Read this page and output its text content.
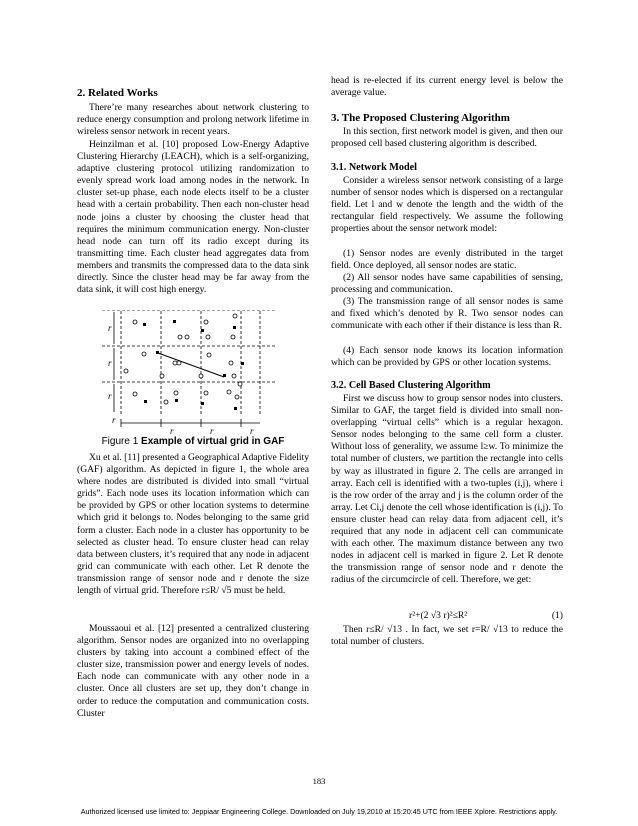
2. Related Works

There’re many researches about network clustering to reduce energy consumption and prolong network lifetime in wireless sensor network in recent years.

Heinzilman et al. [10] proposed Low-Energy Adaptive Clustering Hierarchy (LEACH), which is a self-organizing, adaptive clustering protocol utilizing randomization to evenly spread work load among nodes in the network. In cluster set-up phase, each node elects itself to be a cluster head with a certain probability. Then each non-cluster head node joins a cluster by choosing the cluster head that requires the minimum communication energy. Non-cluster head node can turn off its radio except during its transmitting time. Each cluster head aggregates data from members and transmits the compressed data to the data sink directly. Since the cluster head may be far away from the data sink, it will cost high energy.

r
r
r
r
r	r	r
Figure 1 Example of virtual grid in GAF

Xu et al. [11] presented a Geographical Adaptive Fidelity (GAF) algorithm. As depicted in figure 1, the whole area where nodes are distributed is divided into small “virtual grids”. Each node uses its location information which can be provided by GPS or other location systems to determine which grid it belongs to. Nodes belonging to the same grid form a cluster. Each node in a cluster has opportunity to be selected as cluster head. To ensure cluster head can relay data between clusters, it’s required that any node in adjacent grid can communicate with each other. Let R denote the transmission range of sensor node and r denote the size length of virtual grid. Therefore r≤R/ √5 must be held.

Moussaoui et al. [12] presented a centralized clustering algorithm. Sensor nodes are organized into no overlapping clusters by taking into account a combined effect of the cluster size, transmission power and energy levels of nodes. Each node can communicate with any other node in a cluster. Once all clusters are set up, they don’t change in order to reduce the computation and communication costs. Cluster

head is re-elected if its current energy level is below the average value.

3. The Proposed Clustering Algorithm

In this section, first network model is given, and then our proposed cell based clustering algorithm is described.

3.1. Network Model

Consider a wireless sensor network consisting of a large number of sensor nodes which is dispersed on a rectangular field. Let l and w denote the length and the width of the rectangular field respectively. We assume the following properties about the sensor network model:

(1) Sensor nodes are evenly distributed in the target field. Once deployed, all sensor nodes are static.

(2) All sensor nodes have same capabilities of sensing, processing and communication.

(3) The transmission range of all sensor nodes is same and fixed which’s denoted by R. Two sensor nodes can communicate with each other if their distance is less than R.

(4) Each sensor node knows its location information which can be provided by GPS or other location systems.

3.2. Cell Based Clustering Algorithm

First we discuss how to group sensor nodes into clusters. Similar to GAF, the target field is divided into small non-overlapping “virtual cells” which is a regular hexagon. Sensor nodes belonging to the same cell form a cluster. Without loss of generality, we assume l≥w. To minimize the total number of clusters, we partition the rectangle into cells by way as illustrated in figure 2. The cells are arranged in array. Each cell is identified with a two-tuples (i,j), where i is the row order of the array and j is the column order of the array. Let Ci,j denote the cell whose identification is (i,j). To ensure cluster head can relay data from adjacent cell, it’s required that any node in adjacent cell can communicate with each other. The maximum distance between any two nodes in adjacent cell is marked in figure 2. Let R denote the transmission range of sensor node and r denote the radius of the circumcircle of cell. Therefore, we get:

r²+(2 √3 r)²≤R²	(1)

Then r≤R/ √13 . In fact, we set r=R/ √13 to reduce the total number of clusters.

183
Authorized licensed use limited to: Jeppiaar Engineering College. Downloaded on July 19,2010 at 15:20:45 UTC from IEEE Xplore. Restrictions apply.
